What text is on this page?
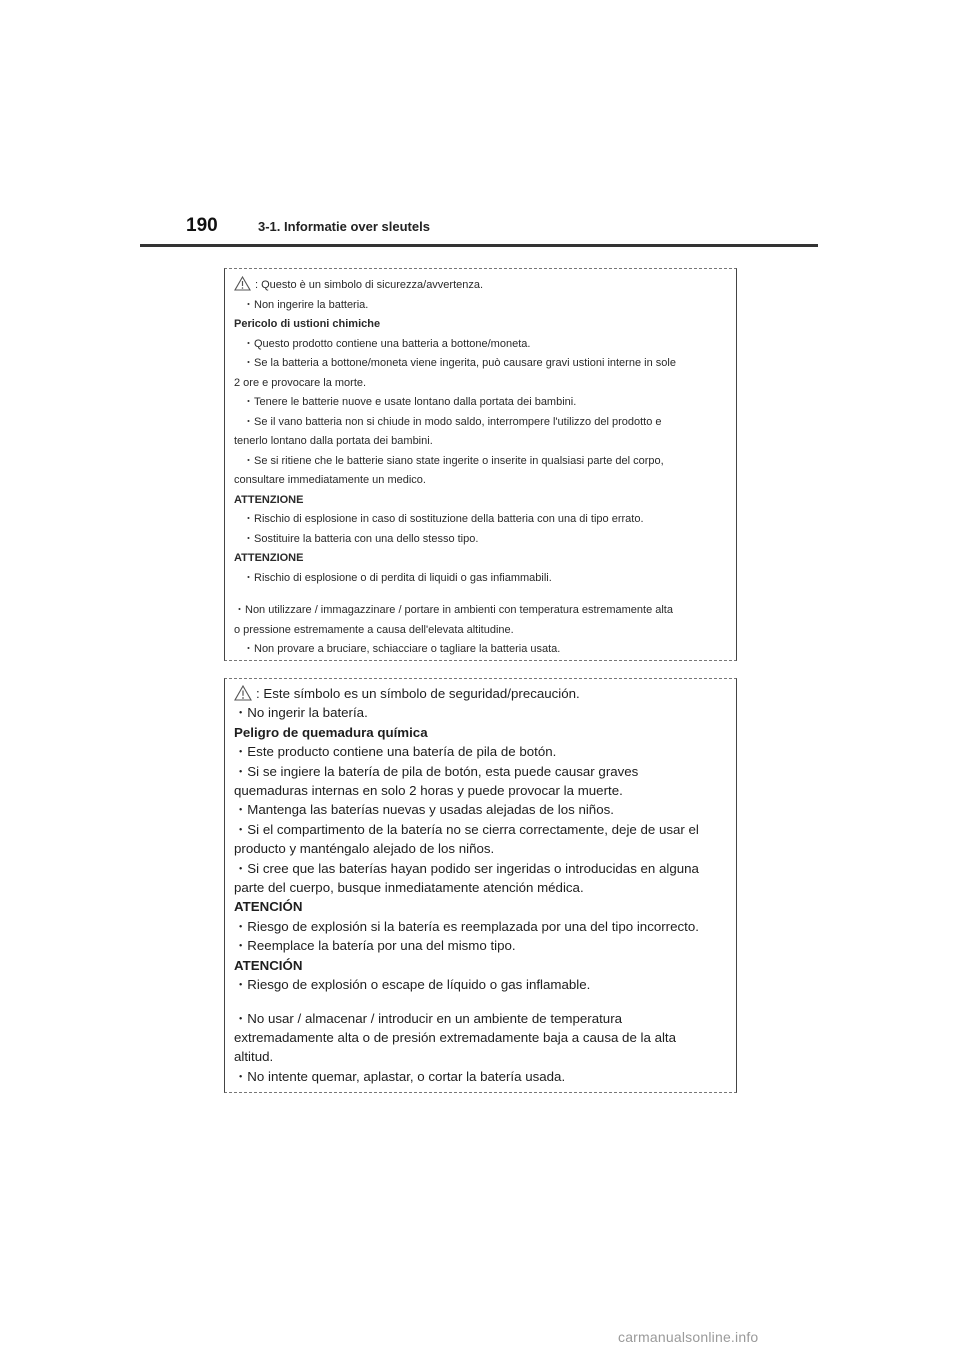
190	3-1. Informatie over sleutels
: Questo è un simbolo di sicurezza/avvertenza.
・Non ingerire la batteria.
Pericolo di ustioni chimiche
・Questo prodotto contiene una batteria a bottone/moneta.
・Se la batteria a bottone/moneta viene ingerita, può causare gravi ustioni interne in sole
2 ore e provocare la morte.
・Tenere le batterie nuove e usate lontano dalla portata dei bambini.
・Se il vano batteria non si chiude in modo saldo, interrompere l'utilizzo del prodotto e
tenerlo lontano dalla portata dei bambini.
・Se si ritiene che le batterie siano state ingerite o inserite in qualsiasi parte del corpo,
consultare immediatamente un medico.
ATTENZIONE
・Rischio di esplosione in caso di sostituzione della batteria con una di tipo errato.
・Sostituire la batteria con una dello stesso tipo.
ATTENZIONE
・Rischio di esplosione o di perdita di liquidi o gas infiammabili.
・Non utilizzare / immagazzinare / portare in ambienti con temperatura estremamente alta
o pressione estremamente a causa dell'elevata altitudine.
・Non provare a bruciare, schiacciare o tagliare la batteria usata.
: Este símbolo es un símbolo de seguridad/precaución.
・No ingerir la batería.
Peligro de quemadura química
・Este producto contiene una batería de pila de botón.
・Si se ingiere la batería de pila de botón, esta puede causar graves
quemaduras internas en solo 2 horas y puede provocar la muerte.
・Mantenga las baterías nuevas y usadas alejadas de los niños.
・Si el compartimento de la batería no se cierra correctamente, deje de usar el
producto y manténgalo alejado de los niños.
・Si cree que las baterías hayan podido ser ingeridas o introducidas en alguna
parte del cuerpo, busque inmediatamente atención médica.
ATENCIÓN
・Riesgo de explosión si la batería es reemplazada por una del tipo incorrecto.
・Reemplace la batería por una del mismo tipo.
ATENCIÓN
・Riesgo de explosión o escape de líquido o gas inflamable.
・No usar / almacenar / introducir en un ambiente de temperatura
extremadamente alta o de presión extremadamente baja a causa de la alta
altitud.
・No intente quemar, aplastar, o cortar la batería usada.
carmanualsonline.info
